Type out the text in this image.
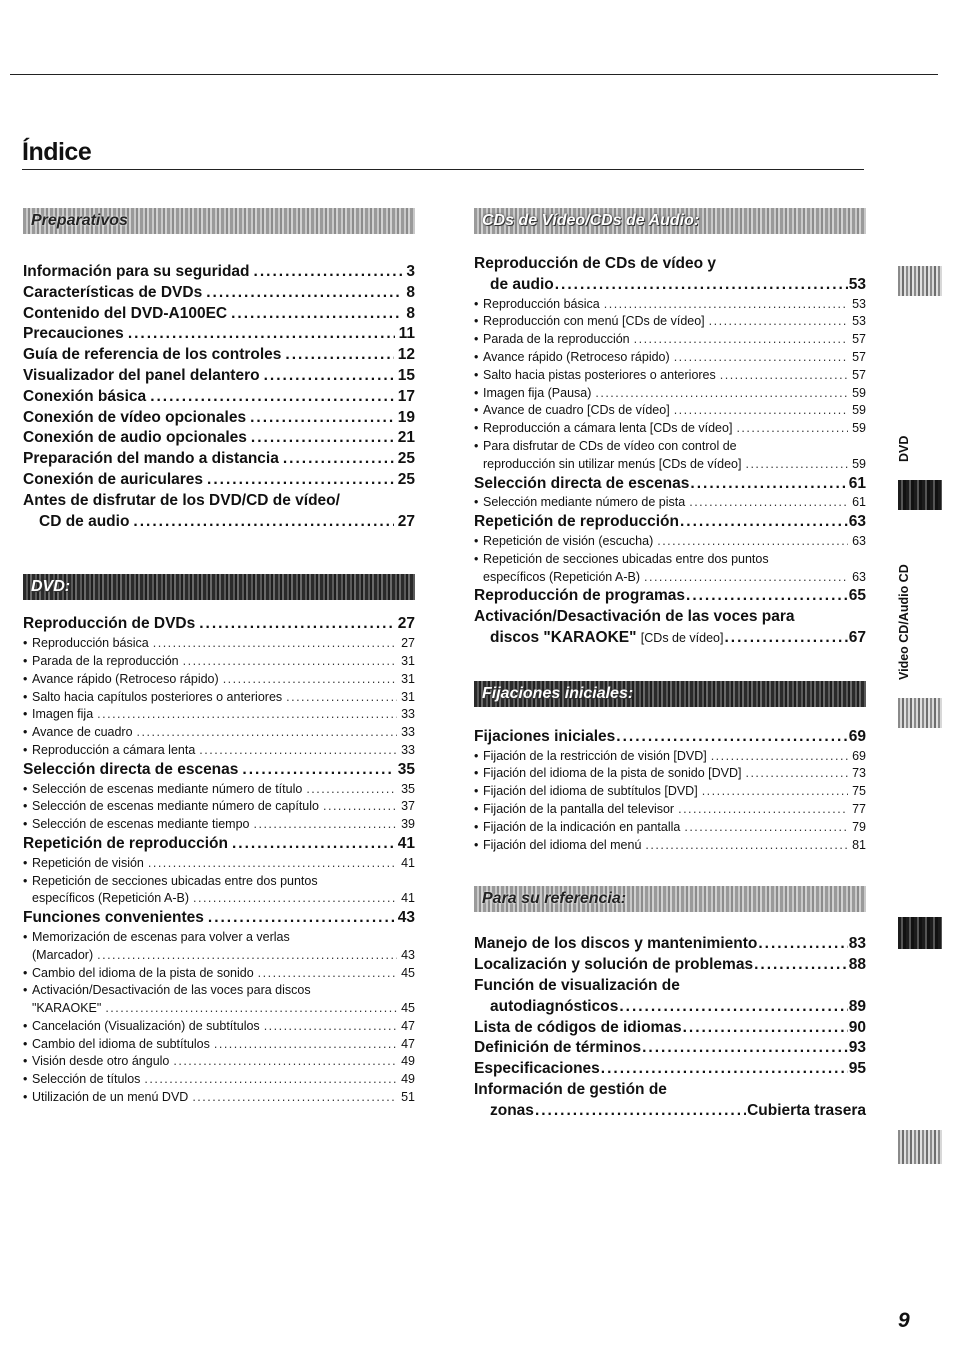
Índice
Preparativos
Información para su seguridad .....	3
Características de DVDs .....	8
Contenido del DVD-A100EC .....	8
Precauciones .....	11
Guía de referencia de los controles .....	12
Visualizador del panel delantero .....	15
Conexión básica .....	17
Conexión de vídeo opcionales .....	19
Conexión de audio opcionales .....	21
Preparación del mando a distancia .....	25
Conexión de auriculares .....	25
Antes de disfrutar de los DVD/CD de vídeo/
CD de audio .....	27
DVD:
Reproducción de DVDs .....	27
• Reproducción básica .....	27
• Parada de la reproducción .....	31
• Avance rápido (Retroceso rápido) .....	31
• Salto hacia capítulos posteriores o anteriores .....	31
• Imagen fija .....	33
• Avance de cuadro .....	33
• Reproducción a cámara lenta .....	33
Selección directa de escenas .....	35
• Selección de escenas mediante número de título .....	35
• Selección de escenas mediante número de capítulo .....	37
• Selección de escenas mediante tiempo .....	39
Repetición de reproducción .....	41
• Repetición de visión .....	41
• Repetición de secciones ubicadas entre dos puntos
específicos (Repetición A-B) .....	41
Funciones convenientes .....	43
• Memorización de escenas para volver a verlas
(Marcador) .....	43
• Cambio del idioma de la pista de sonido .....	45
• Activación/Desactivación de las voces para discos
"KARAOKE" .....	45
• Cancelación (Visualización) de subtítulos .....	47
• Cambio del idioma de subtítulos .....	47
• Visión desde otro ángulo .....	49
• Selección de títulos .....	49
• Utilización de un menú DVD .....	51
CDs de Vídeo/CDs de Audio:
Reproducción de CDs de vídeo y
de audio .....	53
• Reproducción básica .....	53
• Reproducción con menú [CDs de vídeo] .....	53
• Parada de la reproducción .....	57
• Avance rápido (Retroceso rápido) .....	57
• Salto hacia pistas posteriores o anteriores .....	57
• Imagen fija (Pausa) .....	59
• Avance de cuadro [CDs de vídeo] .....	59
• Reproducción a cámara lenta [CDs de vídeo] .....	59
• Para disfrutar de CDs de vídeo con control de
reproducción sin utilizar menús [CDs de vídeo] .....	59
Selección directa de escenas .....	61
• Selección mediante número de pista .....	61
Repetición de reproducción .....	63
• Repetición de visión (escucha) .....	63
• Repetición de secciones ubicadas entre dos puntos
específicos (Repetición A-B) .....	63
Reproducción de programas .....	65
Activación/Desactivación de las voces para
discos "KARAOKE" [CDs de vídeo] .....	67
Fijaciones iniciales:
Fijaciones iniciales .....	69
• Fijación de la restricción de visión [DVD] .....	69
• Fijación del idioma de la pista de sonido [DVD] .....	73
• Fijación del idioma de subtítulos [DVD] .....	75
• Fijación de la pantalla del televisor .....	77
• Fijación de la indicación en pantalla .....	79
• Fijación del idioma del menú .....	81
Para su referencia:
Manejo de los discos y mantenimiento .....	83
Localización y solución de problemas .....	88
Función de visualización de
autodiagnósticos .....	89
Lista de códigos de idiomas .....	90
Definición de términos .....	93
Especificaciones .....	95
Información de gestión de
zonas .....	Cubierta trasera
DVD
Video CD/Audio CD
9
